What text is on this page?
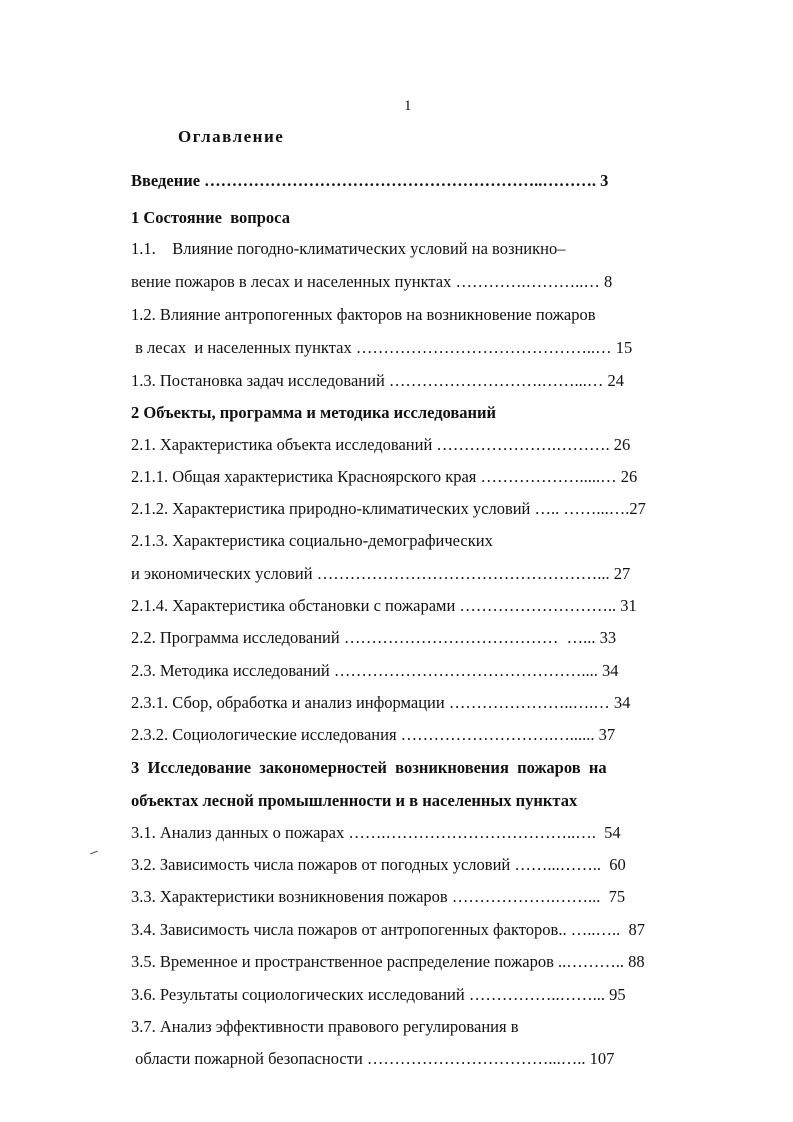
1
Оглавление
Введение ……………………………………………………..………. 3
1 Состояние  вопроса
1.1.    Влияние погодно-климатических условий на возникно–
вение пожаров в лесах и населенных пунктах ………….………..… 8
1.2. Влияние антропогенных факторов на возникновение пожаров
в лесах  и населенных пунктах ……………………………………..… 15
1.3. Постановка задач исследований ……………………….……...… 24
2 Объекты, программа и методика исследований
2.1. Характеристика объекта исследований ………………….………. 26
2.1.1. Общая характеристика Красноярского края ……………….....… 26
2.1.2. Характеристика природно-климатических условий ….. ……...….27
2.1.3. Характеристика социально-демографических
и экономических условий ……………………………………………... 27
2.1.4. Характеристика обстановки с пожарами ……………………….. 31
2.2. Программа исследований …………………………………  …... 33
2.3. Методика исследований ……………………………………….... 34
2.3.1. Сбор, обработка и анализ информации …………………..….… 34
2.3.2. Социологические исследования ……………………….…...... 37
3  Исследование  закономерностей  возникновения  пожаров  на
объектах лесной промышленности и в населенных пунктах
3.1. Анализ данных о пожарах …….……………………………..….  54
3.2. Зависимость числа пожаров от погодных условий ……...……..  60
3.3. Характеристики возникновения пожаров ……………….……...  75
3.4. Зависимость числа пожаров от антропогенных факторов.. …..…..  87
3.5. Временное и пространственное распределение пожаров ..……….. 88
3.6. Результаты социологических исследований ……………..……... 95
3.7. Анализ эффективности правового регулирования в
области пожарной безопасности ……………………………...….. 107
